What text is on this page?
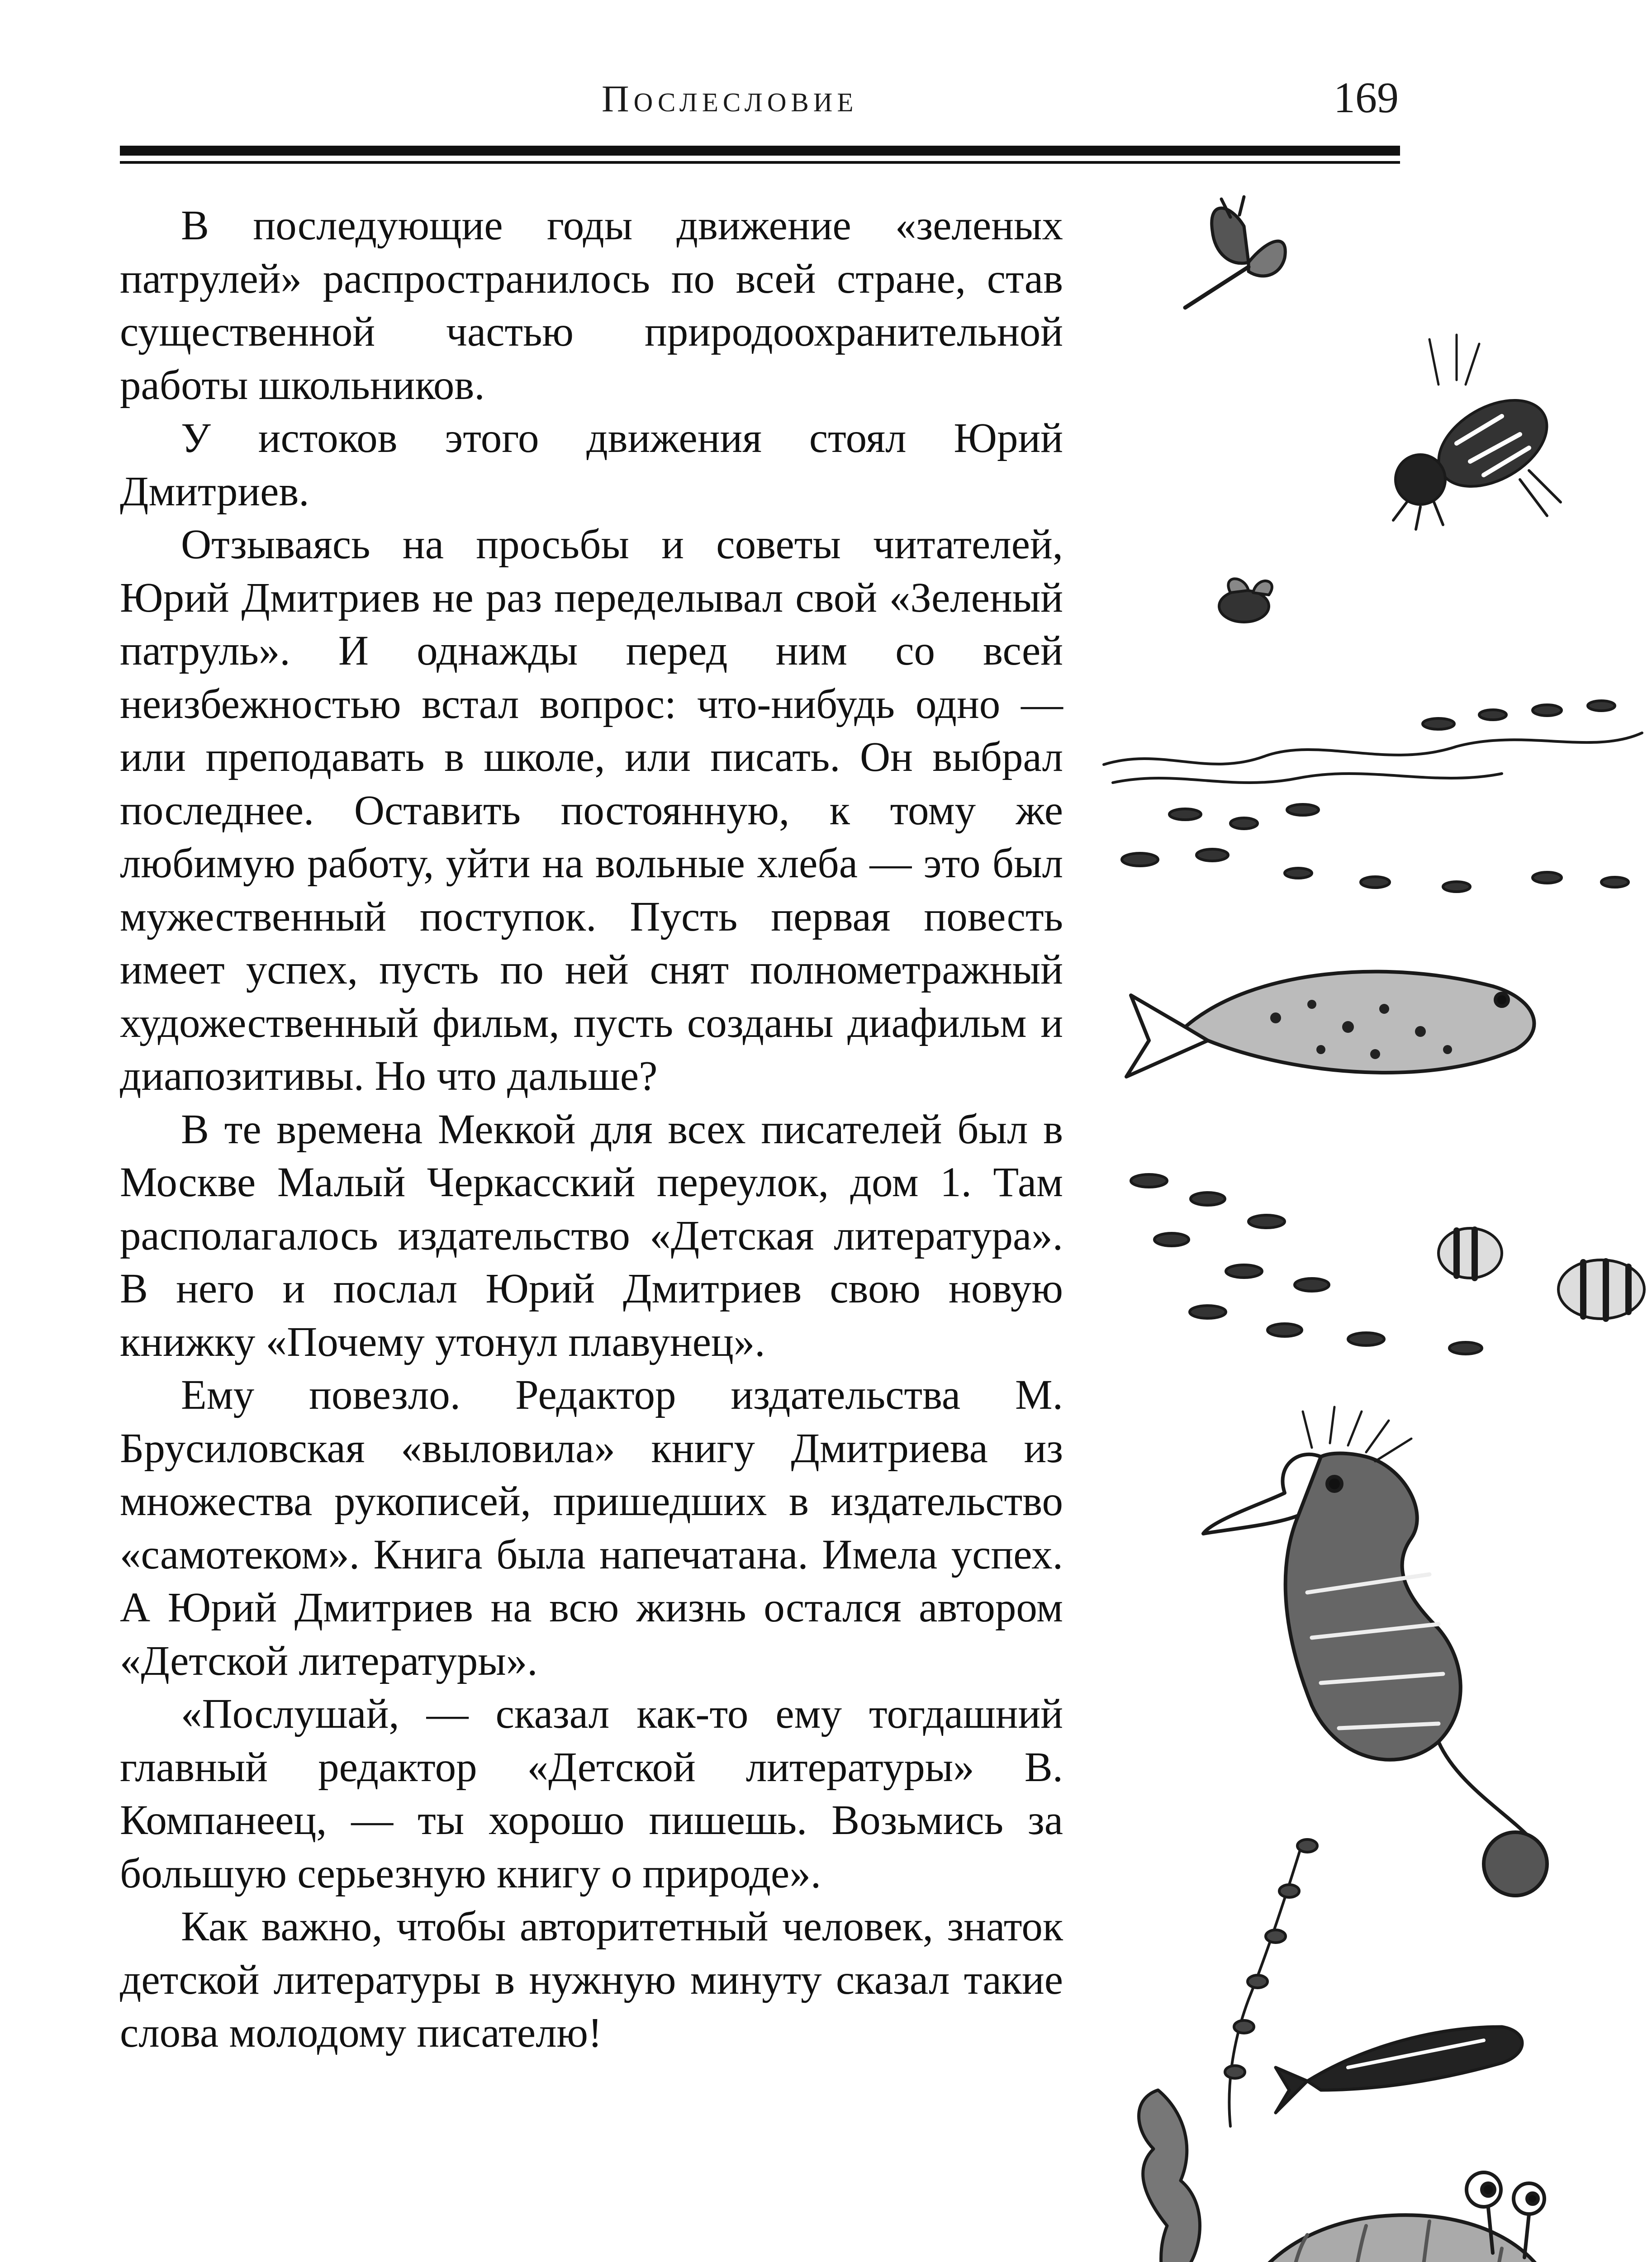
Послесловие	169

В последующие годы движение «зеленых патрулей» распространилось по всей стране, став существенной частью природоохранительной работы школьников.

У истоков этого движения стоял Юрий Дмитриев.

Отзываясь на просьбы и советы читателей, Юрий Дмитриев не раз переделывал свой «Зеленый патруль». И однажды перед ним со всей неизбежностью встал вопрос: что-нибудь одно — или преподавать в школе, или писать. Он выбрал последнее. Оставить постоянную, к тому же любимую работу, уйти на вольные хлеба — это был мужественный поступок. Пусть первая повесть имеет успех, пусть по ней снят полнометражный художественный фильм, пусть созданы диафильм и диапозитивы. Но что дальше?

В те времена Меккой для всех писателей был в Москве Малый Черкасский переулок, дом 1. Там располагалось издательство «Детская литература». В него и послал Юрий Дмитриев свою новую книжку «Почему утонул плавунец».

Ему повезло. Редактор издательства М. Брусиловская «выловила» книгу Дмитриева из множества рукописей, пришедших в издательство «самотеком». Книга была напечатана. Имела успех. А Юрий Дмитриев на всю жизнь остался автором «Детской литературы».

«Послушай, — сказал как-то ему тогдашний главный редактор «Детской литературы» В. Компанеец, — ты хорошо пишешь. Возьмись за большую серьезную книгу о природе».

Как важно, чтобы авторитетный человек, знаток детской литературы в нужную минуту сказал такие слова молодому писателю!
